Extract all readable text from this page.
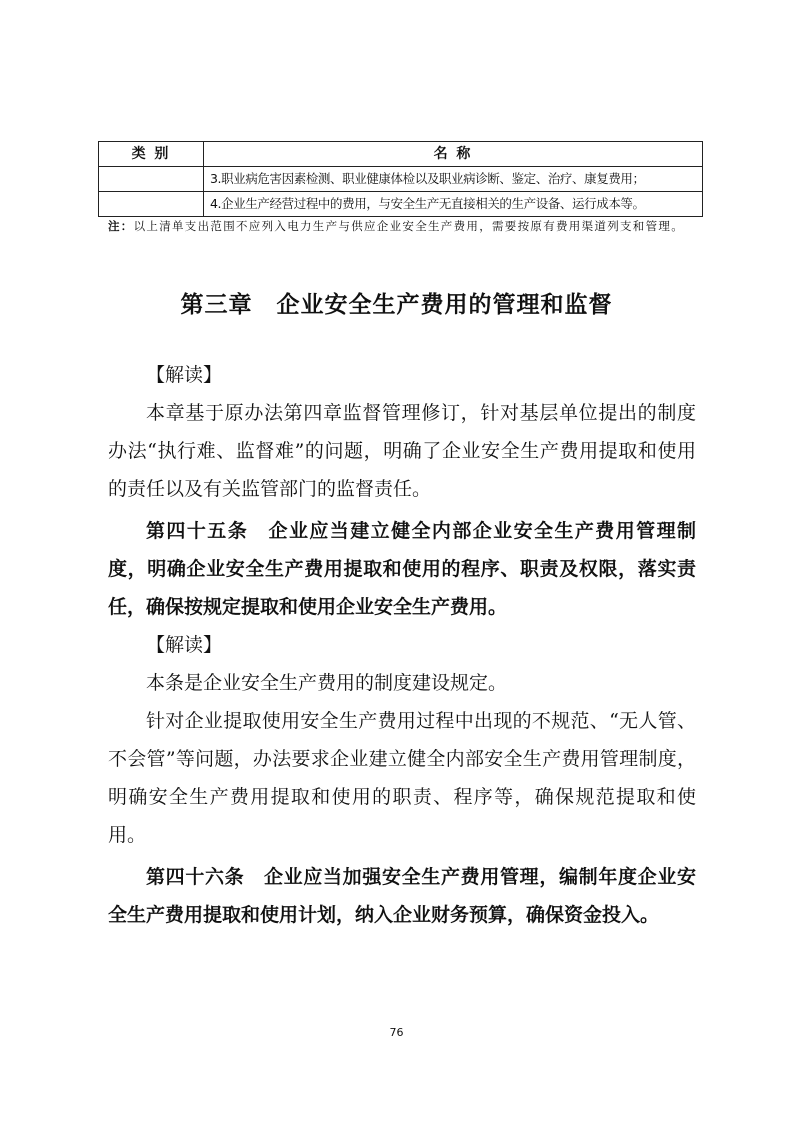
类 别	名 称
	3.职业病危害因素检测、职业健康体检以及职业病诊断、鉴定、治疗、康复费用；
	4.企业生产经营过程中的费用，与安全生产无直接相关的生产设备、运行成本等。
注：以上清单支出范围不应列入电力生产与供应企业安全生产费用，需要按原有费用渠道列支和管理。
第三章　企业安全生产费用的管理和监督

【解读】

本章基于原办法第四章监督管理修订，针对基层单位提出的制度办法“执行难、监督难”的问题，明确了企业安全生产费用提取和使用的责任以及有关监管部门的监督责任。

第四十五条　企业应当建立健全内部企业安全生产费用管理制度，明确企业安全生产费用提取和使用的程序、职责及权限，落实责任，确保按规定提取和使用企业安全生产费用。

【解读】

本条是企业安全生产费用的制度建设规定。

针对企业提取使用安全生产费用过程中出现的不规范、“无人管、不会管”等问题，办法要求企业建立健全内部安全生产费用管理制度，明确安全生产费用提取和使用的职责、程序等，确保规范提取和使用。

第四十六条　企业应当加强安全生产费用管理，编制年度企业安全生产费用提取和使用计划，纳入企业财务预算，确保资金投入。

76
